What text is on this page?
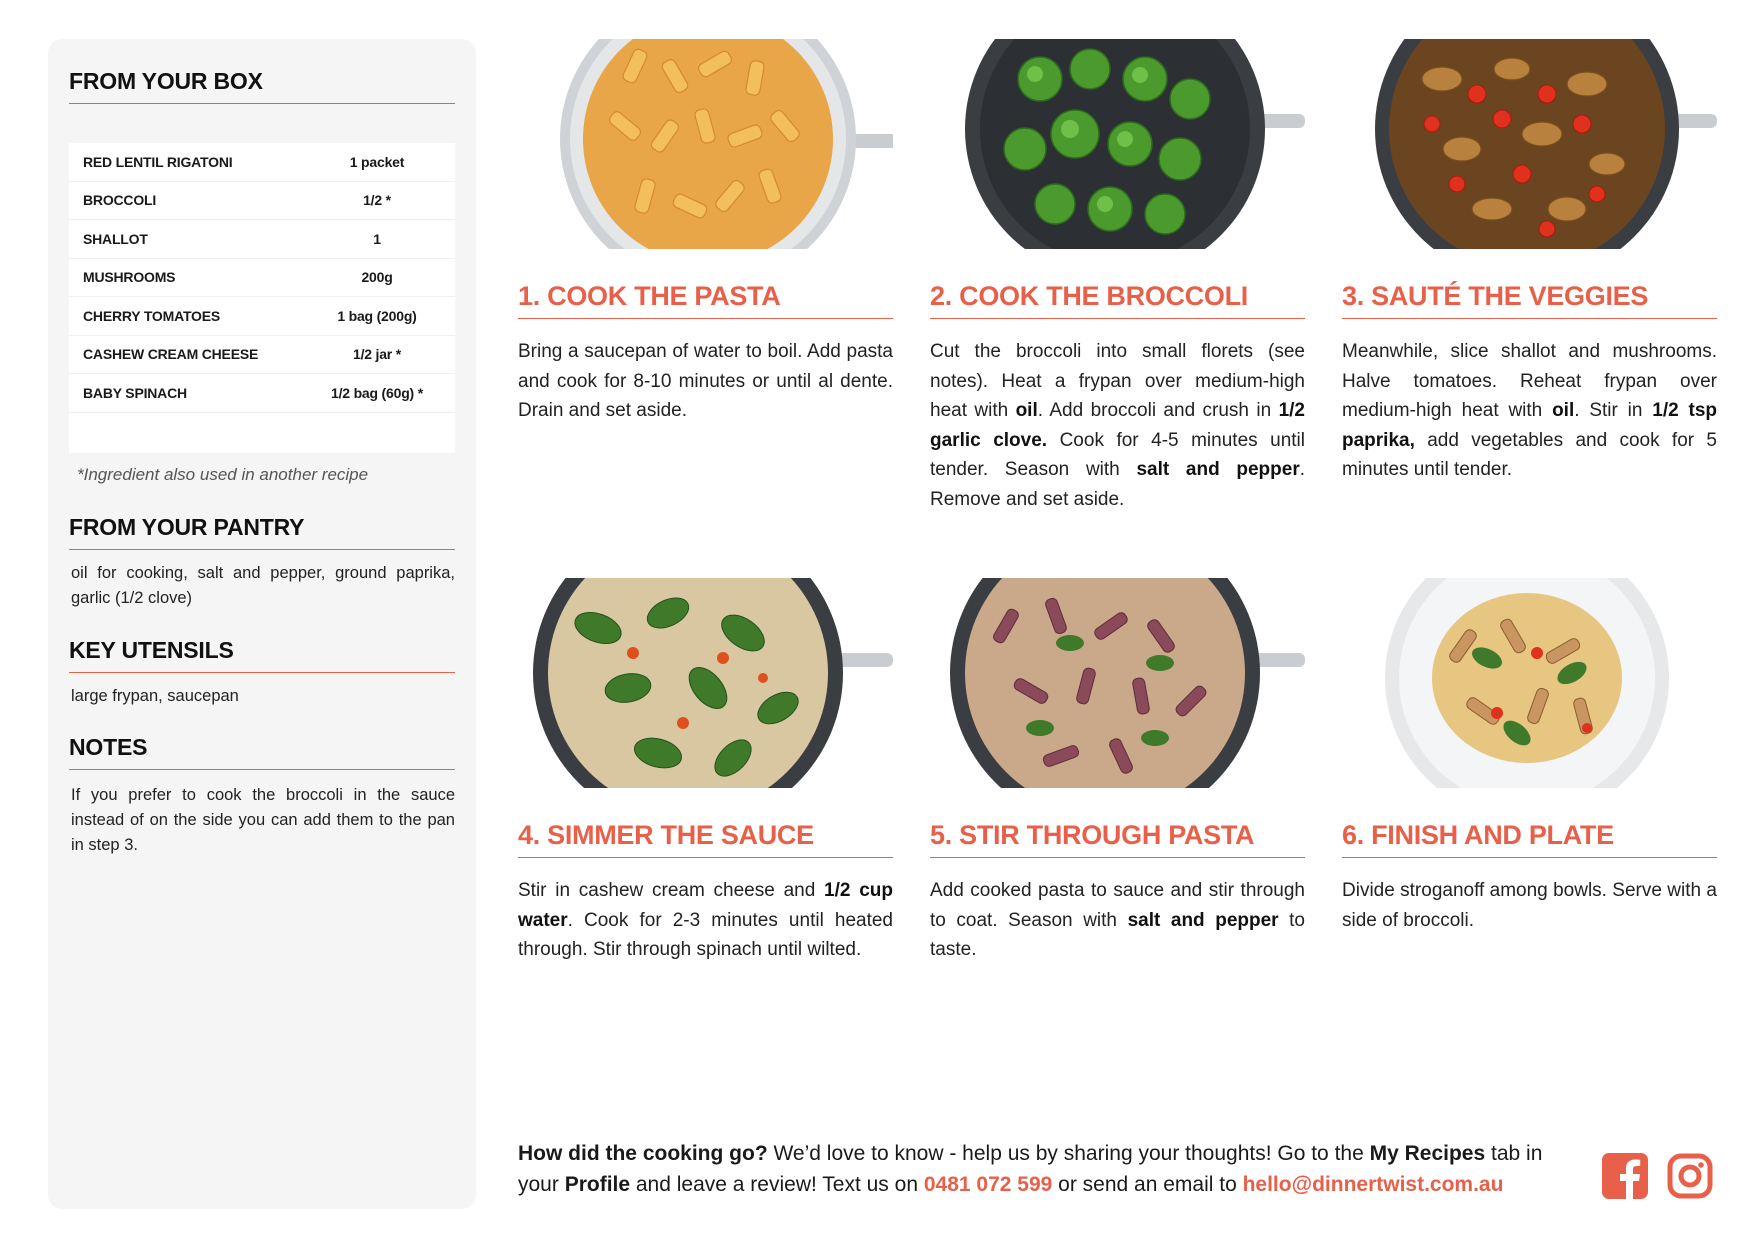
FROM YOUR BOX
RED LENTIL RIGATONI	1 packet
BROCCOLI	1/2 *
SHALLOT	1
MUSHROOMS	200g
CHERRY TOMATOES	1 bag (200g)
CASHEW CREAM CHEESE	1/2 jar *
BABY SPINACH	1/2 bag (60g) *
*Ingredient also used in another recipe
FROM YOUR PANTRY
oil for cooking, salt and pepper, ground paprika, garlic (1/2 clove)
KEY UTENSILS
large frypan, saucepan
NOTES
If you prefer to cook the broccoli in the sauce instead of on the side you can add them to the pan in step 3.
1. COOK THE PASTA
Bring a saucepan of water to boil. Add pasta and cook for 8-10 minutes or until al dente. Drain and set aside.
2. COOK THE BROCCOLI
Cut the broccoli into small florets (see notes). Heat a frypan over medium-high heat with oil. Add broccoli and crush in 1/2 garlic clove. Cook for 4-5 minutes until tender. Season with salt and pepper. Remove and set aside.
3. SAUTÉ THE VEGGIES
Meanwhile, slice shallot and mushrooms. Halve tomatoes. Reheat frypan over medium-high heat with oil. Stir in 1/2 tsp paprika, add vegetables and cook for 5 minutes until tender.
4. SIMMER THE SAUCE
Stir in cashew cream cheese and 1/2 cup water. Cook for 2-3 minutes until heated through. Stir through spinach until wilted.
5. STIR THROUGH PASTA
Add cooked pasta to sauce and stir through to coat. Season with salt and pepper to taste.
6. FINISH AND PLATE
Divide stroganoff among bowls. Serve with a side of broccoli.
How did the cooking go? We’d love to know - help us by sharing your thoughts! Go to the My Recipes tab in your Profile and leave a review! Text us on 0481 072 599 or send an email to hello@dinnertwist.com.au
